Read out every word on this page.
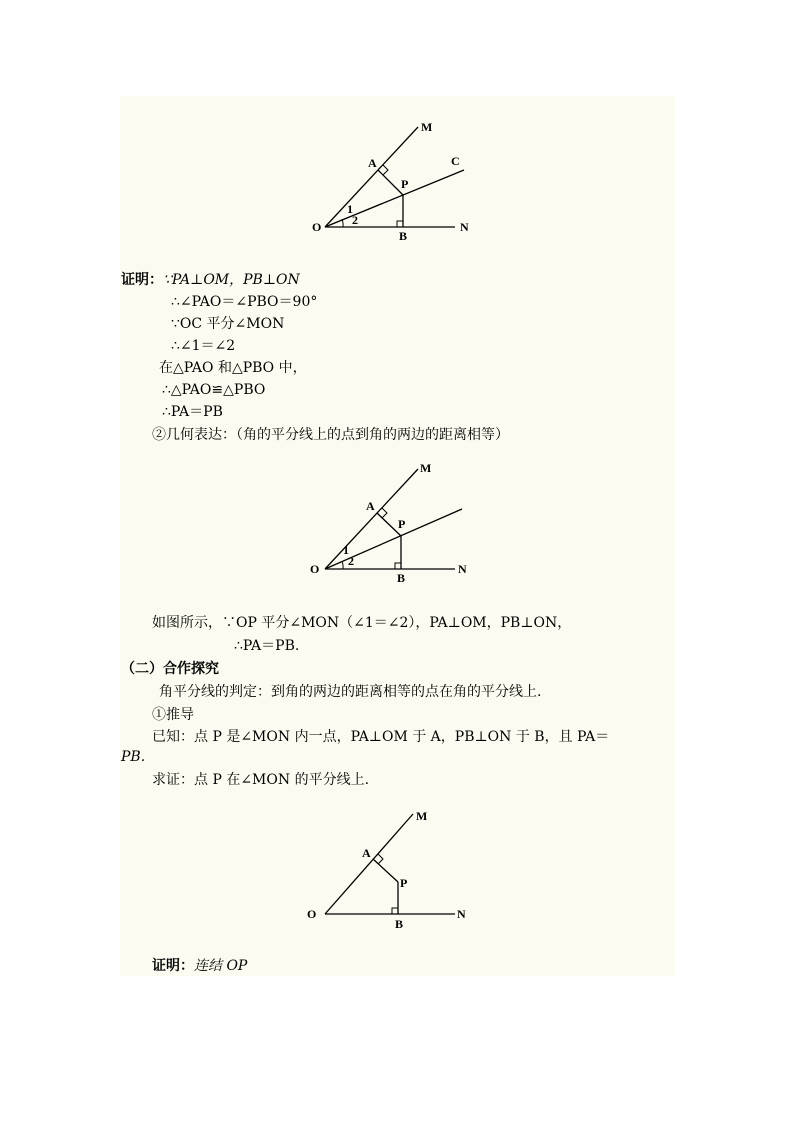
M
A	C
P
O
B
N
1
2
证明：∵PA⊥OM，PB⊥ON
∴∠PAO＝∠PBO＝90°
∵OC 平分∠MON
∴∠1＝∠2
在△PAO 和△PBO 中，
∴△PAO≌△PBO
∴PA＝PB
②几何表达：（角的平分线上的点到角的两边的距离相等）
M
A
P
O
B
N
1
2
如图所示，∵OP 平分∠MON（∠1＝∠2），PA⊥OM，PB⊥ON，
∴PA＝PB.
（二）合作探究
角平分线的判定：到角的两边的距离相等的点在角的平分线上.
①推导
已知：点 P 是∠MON 内一点，PA⊥OM 于 A，PB⊥ON 于 B，且 PA＝
PB.
求证：点 P 在∠MON 的平分线上.
M
A
P
O
B
N
证明：连结 OP
